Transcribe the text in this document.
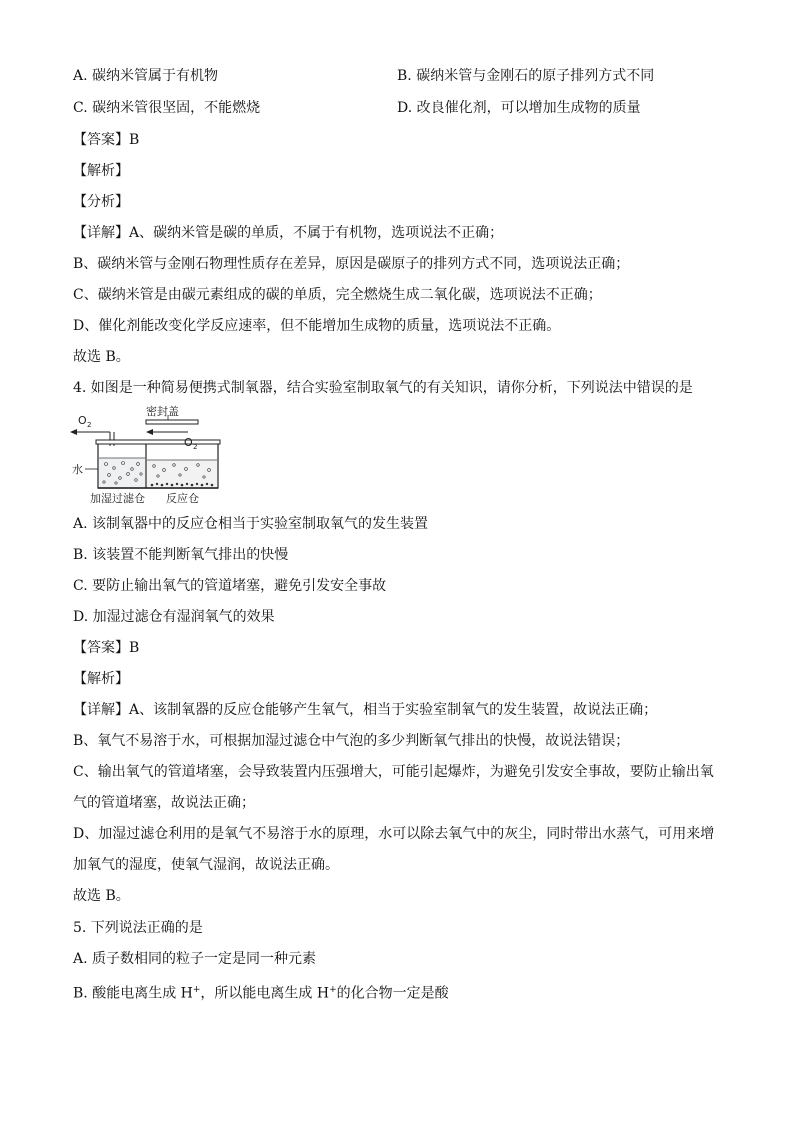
A. 碳纳米管属于有机物	B. 碳纳米管与金刚石的原子排列方式不同
C. 碳纳米管很坚固，不能燃烧	D. 改良催化剂，可以增加生成物的质量
【答案】B
【解析】
【分析】
【详解】A、碳纳米管是碳的单质，不属于有机物，选项说法不正确；
B、碳纳米管与金刚石物理性质存在差异，原因是碳原子的排列方式不同，选项说法正确；
C、碳纳米管是由碳元素组成的碳的单质，完全燃烧生成二氧化碳，选项说法不正确；
D、催化剂能改变化学反应速率，但不能增加生成物的质量，选项说法不正确。
故选 B。
4. 如图是一种简易便携式制氧器，结合实验室制取氧气的有关知识，请你分析，下列说法中错误的是
密封盖
O 2
O 2
水
加湿过滤仓 反应仓
A. 该制氧器中的反应仓相当于实验室制取氧气的发生装置
B. 该装置不能判断氧气排出的快慢
C. 要防止输出氧气的管道堵塞，避免引发安全事故
D. 加湿过滤仓有湿润氧气的效果
【答案】B
【解析】
【详解】A、该制氧器的反应仓能够产生氧气，相当于实验室制氧气的发生装置，故说法正确；
B、氧气不易溶于水，可根据加湿过滤仓中气泡的多少判断氧气排出的快慢，故说法错误；
C、输出氧气的管道堵塞，会导致装置内压强增大，可能引起爆炸，为避免引发安全事故，要防止输出氧
气的管道堵塞，故说法正确；
D、加湿过滤仓利用的是氧气不易溶于水的原理，水可以除去氧气中的灰尘，同时带出水蒸气，可用来增
加氧气的湿度，使氧气湿润，故说法正确。
故选 B。
5. 下列说法正确的是
A. 质子数相同的粒子一定是同一种元素
B. 酸能电离生成 H+，所以能电离生成 H+的化合物一定是酸
